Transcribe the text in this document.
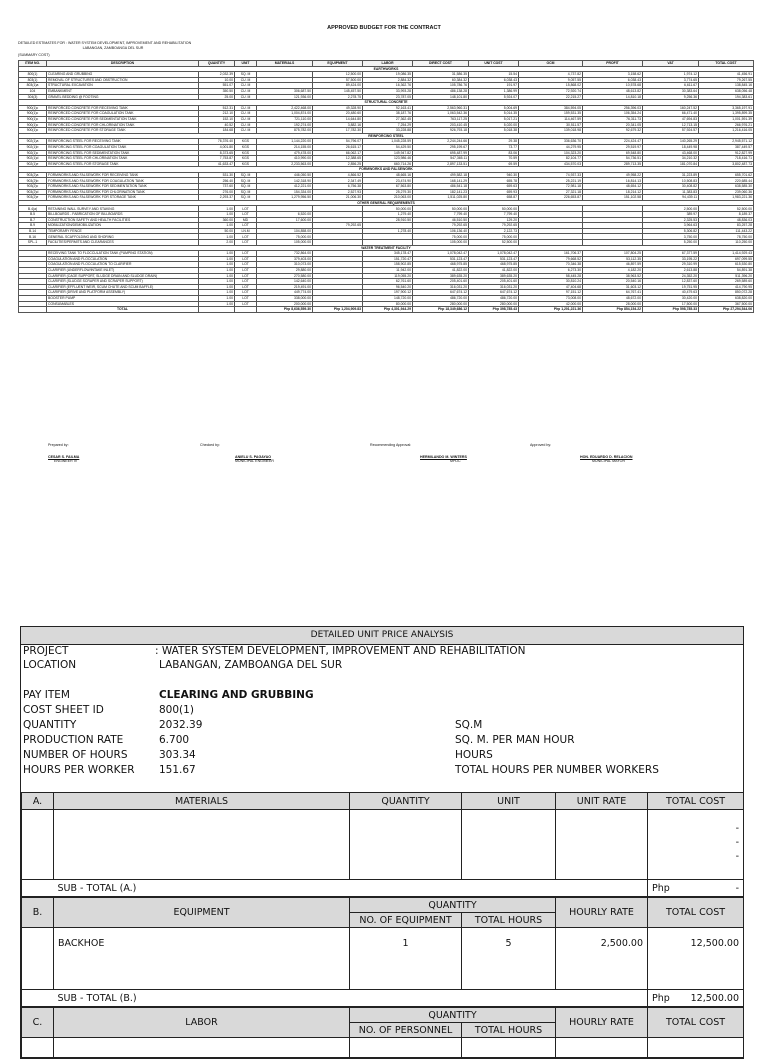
APPROVED BUDGET FOR THE CONTRACT
DETAILED ESTIMATES FOR : WATER SYSTEM DEVELOPMENT, IMPROVEMENT AND REHABILITATION
LABANGAN, ZAMBOANGA DEL SUR
(SUMMARY COST)
ITEM NO.	DESCRIPTION	QUANTITY	UNIT	MATERIALS	EQUIPMENT	LABOR	DIRECT COST	UNIT COST	OCM	PROFIT	VAT	TOTAL COST
EARTHWORKS												
800(1)	CLEARING AND GRUBBING	2,032.39	SQ. M		12,500.00	19,086.35	31,586.35	15.54	4,737.82	3,158.62	1,974.12	41,456.91
803(1)	REMOVAL OF STRUCTURES AND OBSTRUCTION	10.00	CU. M		57,500.00	2,884.32	60,384.32	6,038.43	9,057.55	6,038.43	3,774.65	79,267.55
803(1)a	STRUCTURAL EXCAVATION	551.07	CU. M		89,424.00	16,362.76	105,786.76	191.97	15,868.02	10,578.68	6,611.67	138,845.16
104	EMBANKMENT	350.50	CU. M	306,687.50	145,457.50	33,993.28	486,138.28	1,386.99	72,920.74	48,613.82	30,383.64	638,056.48
304(3)	GRAVEL BEDDING @ FOOTING	25.00	CU. M	121,936.00	2,278.75	23,787.05	148,101.80	5,924.07	22,215.27	14,810.18	9,256.36	194,383.61
STRUCTURAL CONCRETE												
900(1)c	REINFORCED CONCRETE FOR RECEIVING TANK	512.31	CU. M	2,422,468.00	49,328.90	92,163.41	2,563,960.31	5,004.69	384,594.05	256,396.03	160,247.52	3,365,197.91
900(1)c	REINFORCED CONCRETE FOR COAGULATION TANK	212.10	CU. M	1,004,874.00	20,480.60	38,187.76	1,063,542.36	5,014.35	159,531.35	106,354.24	66,471.40	1,395,899.35
900(1)c	REINFORCED CONCRETE FOR SEDIMENTATION TANK	152.10	CU. M	721,110.00	14,644.80	27,362.45	763,117.25	5,017.21	114,467.59	76,311.73	47,694.83	1,001,591.39
900(1)c	REINFORCED CONCRETE FOR CHLORINATION TANK	40.52	CU. M	192,274.00	3,882.16	7,254.29	203,410.45	5,020.00	30,511.57	20,341.05	12,713.15	266,976.21
900(1)c	REINFORCED CONCRETE FOR STORAGE TANK	184.68	CU. M	875,782.00	17,782.30	33,228.88	926,793.18	5,018.38	139,018.98	92,679.32	57,924.57	1,216,416.05
REINFORCING STEEL												
902(1)a	REINFORCING STEEL FOR RECEIVING TANK	76,376.40	KGS	1,144,220.00	54,796.07	1,045,228.59	2,244,244.66	29.38	336,636.70	224,424.47	140,265.29	2,945,571.12
902(1)b	REINFORCING STEEL FOR COAGULATION TANK	4,001.80	KGS	214,155.00	26,615.17	54,429.50	295,199.67	73.77	44,279.95	29,519.97	18,449.98	387,449.57
902(1)c	REINFORCING STEEL FOR SEDIMENTATION TANK	8,373.65	KGS	479,478.00	66,062.17	149,947.82	695,487.99	83.06	104,323.20	69,548.80	43,468.00	912,827.99
902(1)d	REINFORCING STEEL FOR CHLORINATION TANK	7,753.87	KGS	410,990.00	12,388.65	123,986.46	547,365.11	70.59	82,104.77	54,736.51	34,210.32	718,416.71
902(1)e	REINFORCING STEEL FOR STORAGE TANK	41,633.47	KGS	2,233,563.00	2,856.25	660,714.26	2,897,133.51	69.59	434,570.03	289,713.35	181,070.84	3,802,487.73
FORMWORKS AND FALSEWORK												
903(2)a	FORMWORKS AND FALSEWORK FOR RECEIVING TANK	531.30	SQ. M	446,050.50	4,866.52	48,665.16	499,582.18	940.30	74,937.33	49,958.22	31,223.89	655,701.62
903(2)b	FORMWORKS AND FALSEWORK FOR COAGULATION TANK	256.40	SQ. M	142,318.90	2,347.49	23,474.90	168,141.29	655.78	25,221.19	16,814.13	10,508.83	220,685.44
903(2)c	FORMWORKS AND FALSEWORK FOR SEDIMENTATION TANK	737.60	SQ. M	412,221.00	6,756.38	67,563.80	486,541.18	659.63	72,981.18	48,654.12	30,408.82	638,585.30
903(2)d	FORMWORKS AND FALSEWORK FOR CHLORINATION TANK	276.00	SQ. M	154,334.00	2,527.93	25,279.30	182,141.23	659.93	27,321.18	18,214.12	11,383.83	239,060.36
903(2)e	FORMWORKS AND FALSEWORK FOR STORAGE TANK	2,293.37	SQ. M	1,279,956.50	21,006.30	210,063.00	1,511,025.80	658.87	226,653.87	151,102.58	94,439.11	1,983,221.36
OTHER GENERAL REQUIREMENTS												
B.4(a)	RETAINING WALL SURVEY AND STAKING	1.00	LOT			50,000.00	50,000.00	50,000.00			2,500.00	52,500.00
B.5	BILLBOARDS - FABRICATION OF BILLBOARDS	1.00	LOT	6,520.00		1,279.40	7,799.40	7,799.40			389.97	8,189.37
B.7	CONSTRUCTION SAFETY AND HEALTH FACILITIES	360.00	MD	17,600.00		28,910.50	46,510.50	129.20			2,325.53	48,836.03
B.9	MOBILIZATION/DEMOBILIZATION	1.00	LOT		79,292.65		79,292.65	79,292.65			3,964.63	83,257.28
B.14	TEMPORARY FENCE	50.00	LN.M	104,858.00		1,278.40	106,136.40	2,122.73			5,306.82	111,443.22
B.16	GENERAL SCAFFOLDING AND SHORING	1.00	LOT	75,000.00			75,000.00	75,000.00			3,750.00	78,750.00
SPL-1	FACILITIES/PERMITS AND CLEARANCES	2.00	LOT	105,000.00			105,000.00	52,500.00			5,250.00	110,250.00
WATER TREATMENT FACILITY												
	RECEIVING TANK TO FLOCCULATION TANK (PUMPING STATION)	1.00	LOT	732,864.00		345,178.47	1,078,042.47	1,078,042.47	161,706.37	107,804.25	67,377.59	1,414,929.43
	COAGULATION AND FLOCCULATION	1.00	LOT	379,403.00		151,720.47	531,123.47	531,123.47	79,668.52	53,112.35	33,195.22	697,099.55
	COAGULATION AND FLOCCULATION TO CLARIFIER	1.00	LOT	310,073.00		158,902.85	468,975.85	468,975.85	70,346.38	46,897.59	29,310.99	615,530.80
	CLARIFIER (UNDERFLOW/INTAKE INLET)	1.00	LOT	29,880.00		11,942.00	41,822.00	41,822.00	6,273.30	4,182.20	2,613.88	54,891.38
	CLARIFIER (CAGE SUPPORT, SLUDGE DRAIN AND SLUDGE DRAIN)	1.00	LOT	270,580.00		119,055.20	389,635.20	389,635.20	58,445.28	38,963.52	24,352.20	511,396.20
	CLARIFIER (SLUDGE SCRAPER AND SCRAPER SUPPORT)	1.00	LOT	142,640.00		62,761.60	205,401.60	205,401.60	30,810.24	20,540.16	12,837.60	269,589.60
	CLARIFIER (EFFLUENT WEIR, SCUM CHUTE AND SCUM BAFFLE)	1.00	LOT	219,491.00		96,540.20	316,031.20	316,031.20	47,404.68	31,603.12	19,751.95	414,790.95
	CLARIFIER (DRIVE AND PLATFORM ASSEMBLY)	1.00	LOT	449,774.00		197,900.12	647,674.12	647,674.12	97,151.12	64,767.41	40,479.63	850,072.28
	BOOSTER PUMP	1.00	LOT	338,000.00		148,720.00	486,720.00	486,720.00	73,008.00	48,672.00	30,420.00	638,820.00
	CONSUMABLES	1.00	LOT	200,000.00		80,000.00	280,000.00	280,000.00	42,000.00	28,000.00	17,500.00	367,500.00
	TOTAL			Php 8,636,559.30	Php 1,204,909.83	Php 4,301,944.29	Php 18,349,686.12	Php 398,785.43	Php 1,201,221.36	Php 854,154.22	Php 598,785.33	Php 27,294,544.06
Prepared by:
CESAR S. FAILMA
ENGINEER IV
Checked by:
ANIELU S. PAGAYAO
MUNICIPAL ENGINEER
Recommending Approval:
HERMILANDO M. WINTERS
MPDC
Approved by:
HON. EDUARDO D. RELACION
MUNICIPAL MAYOR
DETAILED UNIT PRICE ANALYSIS
PROJECT	: WATER SYSTEM DEVELOPMENT, IMPROVEMENT AND REHABILITATION
LOCATION	LABANGAN, ZAMBOANGA DEL SUR
PAY ITEM	CLEARING AND GRUBBING
COST SHEET ID	800(1)
QUANTITY	2032.39	SQ.M
PRODUCTION RATE	6.700	SQ. M. PER MAN HOUR
NUMBER OF HOURS	303.34	HOURS
HOURS PER WORKER 151.67	TOTAL HOURS PER NUMBER WORKERS
A.	MATERIALS	QUANTITY	UNIT	UNIT RATE	TOTAL COST

					-
-
-

	SUB - TOTAL (A.)				Php -
B.	EQUIPMENT	QUANTITY		HOURLY RATE	TOTAL COST
		NO. OF EQUIPMENT	TOTAL HOURS		
	BACKHOE	1	5	2,500.00	12,500.00
	SUB - TOTAL (B.)				Php 12,500.00
C.	LABOR	QUANTITY		HOURLY RATE	TOTAL COST
		NO. OF PERSONNEL	TOTAL HOURS		
